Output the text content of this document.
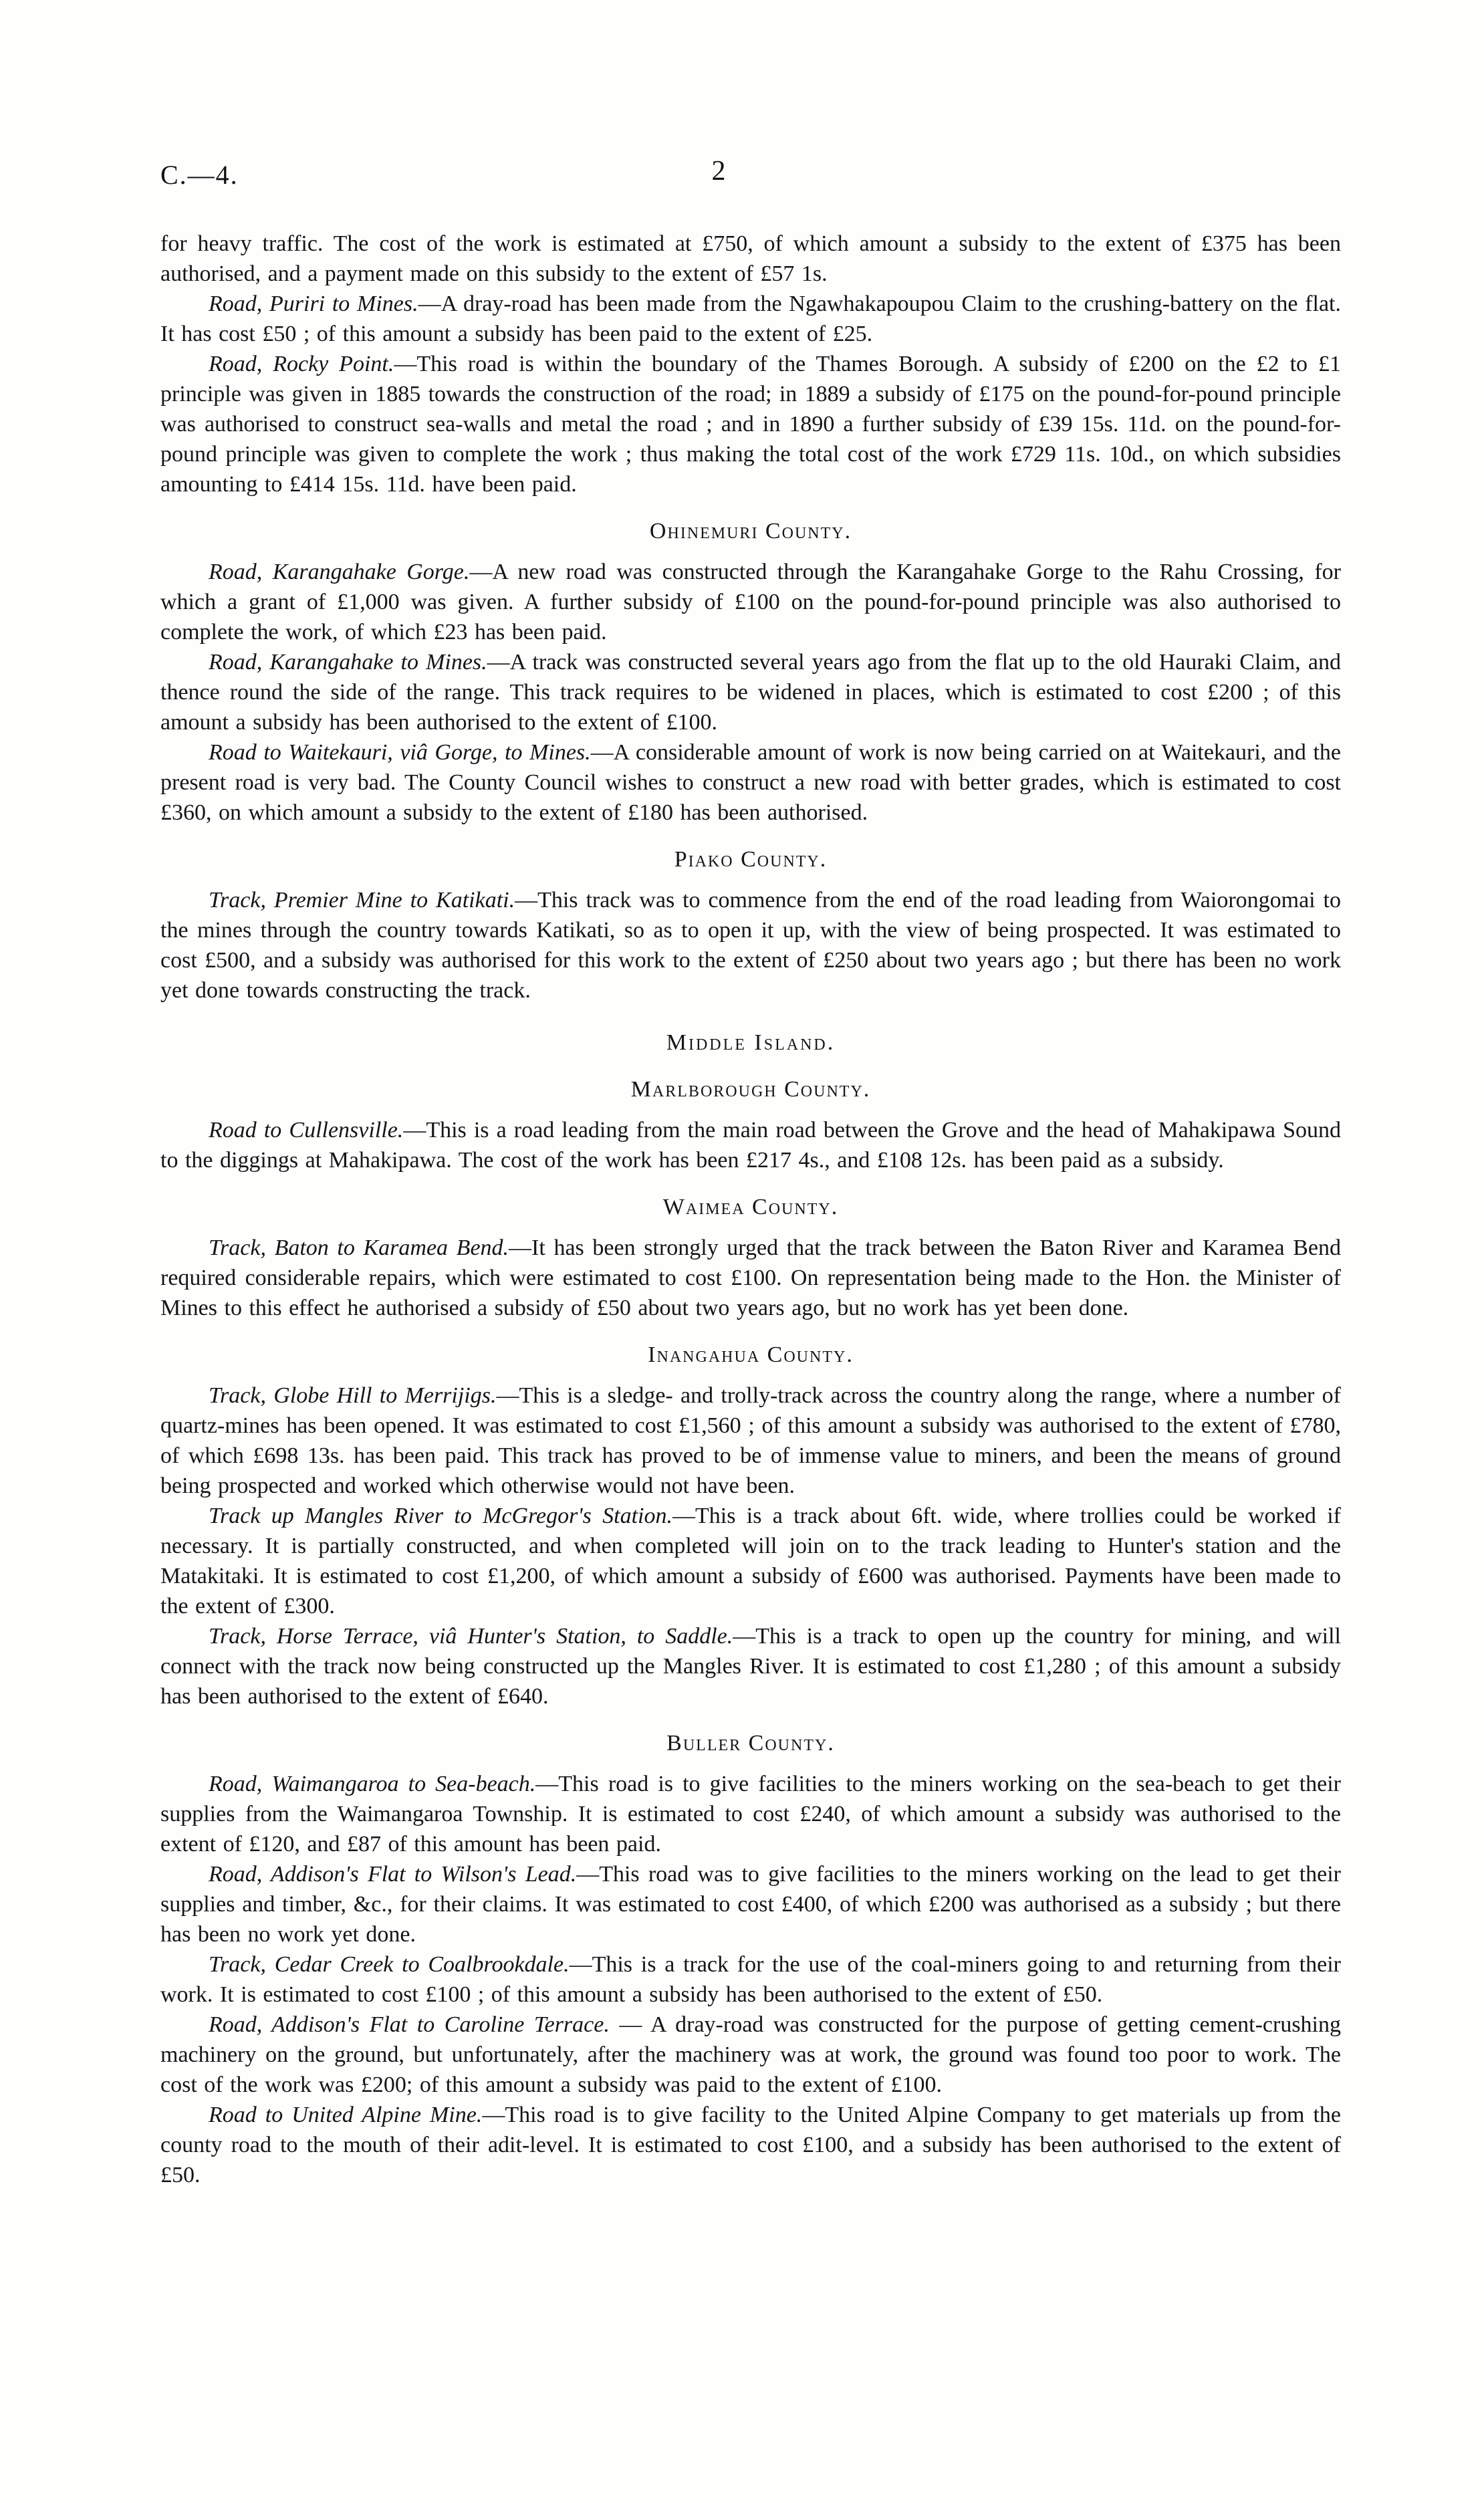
C.—4.	2

for heavy traffic. The cost of the work is estimated at £750, of which amount a subsidy to the extent of £375 has been authorised, and a payment made on this subsidy to the extent of £57 1s.

Road, Puriri to Mines.—A dray-road has been made from the Ngawhakapoupou Claim to the crushing-battery on the flat. It has cost £50 ; of this amount a subsidy has been paid to the extent of £25.

Road, Rocky Point.—This road is within the boundary of the Thames Borough. A subsidy of £200 on the £2 to £1 principle was given in 1885 towards the construction of the road; in 1889 a subsidy of £175 on the pound-for-pound principle was authorised to construct sea-walls and metal the road ; and in 1890 a further subsidy of £39 15s. 11d. on the pound-for-pound principle was given to complete the work ; thus making the total cost of the work £729 11s. 10d., on which subsidies amounting to £414 15s. 11d. have been paid.

Ohinemuri County.

Road, Karangahake Gorge.—A new road was constructed through the Karangahake Gorge to the Rahu Crossing, for which a grant of £1,000 was given. A further subsidy of £100 on the pound-for-pound principle was also authorised to complete the work, of which £23 has been paid.

Road, Karangahake to Mines.—A track was constructed several years ago from the flat up to the old Hauraki Claim, and thence round the side of the range. This track requires to be widened in places, which is estimated to cost £200 ; of this amount a subsidy has been authorised to the extent of £100.

Road to Waitekauri, viâ Gorge, to Mines.—A considerable amount of work is now being carried on at Waitekauri, and the present road is very bad. The County Council wishes to construct a new road with better grades, which is estimated to cost £360, on which amount a subsidy to the extent of £180 has been authorised.

Piako County.

Track, Premier Mine to Katikati.—This track was to commence from the end of the road leading from Waiorongomai to the mines through the country towards Katikati, so as to open it up, with the view of being prospected. It was estimated to cost £500, and a subsidy was authorised for this work to the extent of £250 about two years ago ; but there has been no work yet done towards constructing the track.

Middle Island.
Marlborough County.

Road to Cullensville.—This is a road leading from the main road between the Grove and the head of Mahakipawa Sound to the diggings at Mahakipawa. The cost of the work has been £217 4s., and £108 12s. has been paid as a subsidy.

Waimea County.

Track, Baton to Karamea Bend.—It has been strongly urged that the track between the Baton River and Karamea Bend required considerable repairs, which were estimated to cost £100. On representation being made to the Hon. the Minister of Mines to this effect he authorised a subsidy of £50 about two years ago, but no work has yet been done.

Inangahua County.

Track, Globe Hill to Merrijigs.—This is a sledge- and trolly-track across the country along the range, where a number of quartz-mines has been opened. It was estimated to cost £1,560 ; of this amount a subsidy was authorised to the extent of £780, of which £698 13s. has been paid. This track has proved to be of immense value to miners, and been the means of ground being prospected and worked which otherwise would not have been.

Track up Mangles River to McGregor's Station.—This is a track about 6ft. wide, where trollies could be worked if necessary. It is partially constructed, and when completed will join on to the track leading to Hunter's station and the Matakitaki. It is estimated to cost £1,200, of which amount a subsidy of £600 was authorised. Payments have been made to the extent of £300.

Track, Horse Terrace, viâ Hunter's Station, to Saddle.—This is a track to open up the country for mining, and will connect with the track now being constructed up the Mangles River. It is estimated to cost £1,280 ; of this amount a subsidy has been authorised to the extent of £640.

Buller County.

Road, Waimangaroa to Sea-beach.—This road is to give facilities to the miners working on the sea-beach to get their supplies from the Waimangaroa Township. It is estimated to cost £240, of which amount a subsidy was authorised to the extent of £120, and £87 of this amount has been paid.

Road, Addison's Flat to Wilson's Lead.—This road was to give facilities to the miners working on the lead to get their supplies and timber, &c., for their claims. It was estimated to cost £400, of which £200 was authorised as a subsidy ; but there has been no work yet done.

Track, Cedar Creek to Coalbrookdale.—This is a track for the use of the coal-miners going to and returning from their work. It is estimated to cost £100 ; of this amount a subsidy has been authorised to the extent of £50.

Road, Addison's Flat to Caroline Terrace. — A dray-road was constructed for the purpose of getting cement-crushing machinery on the ground, but unfortunately, after the machinery was at work, the ground was found too poor to work. The cost of the work was £200; of this amount a subsidy was paid to the extent of £100.

Road to United Alpine Mine.—This road is to give facility to the United Alpine Company to get materials up from the county road to the mouth of their adit-level. It is estimated to cost £100, and a subsidy has been authorised to the extent of £50.
